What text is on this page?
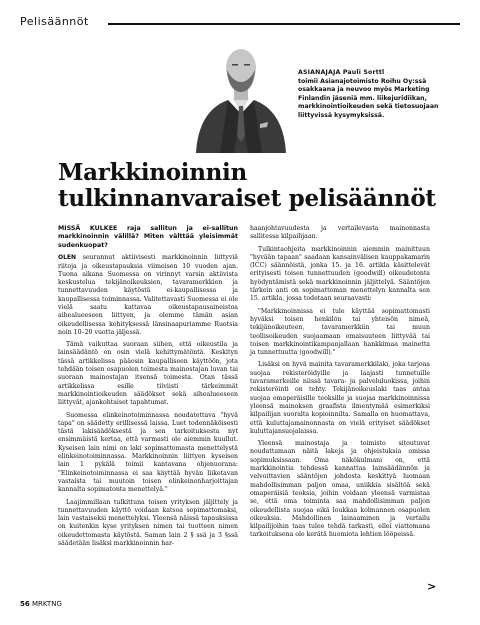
Pelisäännöt
ASIANAJAJA Pauli Sorttl
toimii Asianajotoimisto Roihu Oy:ssä osakkaana ja neuvoo myös Marketing Finlandin jäseniä mm. liikejuridiikan, markkinointioikeuden sekä tietosuojaan liittyvissä kysymyksissä.
Markkinoinnin tulkinnanvaraiset pelisäännöt

MISSÄ KULKEE raja sallitun ja ei-sallitun markkinoinnin välillä? Miten välttää yleisimmät sudenkuopat?

OLEN seurannut aktiivisesti markkinoinnin liittyviä riitoja ja oikeustapauksia viimeisen 10 vuoden ajan. Tuona aikana Suomessa on virinnyt varsin aktiivista keskustelua tekijänoikeuksien, tavaramerkkien ja tunnettavuuden käytöstä ei-kaupallisessa ja kaupallisessa toiminnassa. Valitettavasti Suomessa ei ole vielä saatu kattavaa oikeustapausaineistoa aihealueeseen liittyen, ja olemme tämän asian oikeudellisessa kehityksessä länsinaapuriamme Ruotsia noin 10–20 vuotta jäljessä.

Tämä vaikuttaa suoraan siihen, että oikeustila ja lainsäädäntö on osin vielä kehittymätöntä. Keskityn tässä artikkelissa pääosin kaupalliseen käyttöön, jota tehdään toisen osapuolen toimesta mainostajan luvan tai suoraan mainostajan itsensä toimesta. Otan tässä artikkelissa esille tiiviisti tärkeimmät markkinointioikeuden säädökset sekä aihealueeseen liittyvät, ajankohtaiset tapahtumat.

Suomessa elinkeinotoiminnassa noudatettava "hyvä tapa" on säädetty erillisessä laissa. Luet todennäköisesti tästä lakisäädöksestä ja sen tarkoituksesta nyt ensimmäistä kertaa, että varmasti ole aiemmin kuullut. Kyseisen lain nimi on laki sopimattomasta menettelystä elinkeinotoiminnassa. Markkinoinnin liittyen kyseisen lain 1 pykälä toimii kantavana ohjenuorana: "Elinkeinotoiminnassa ei saa käyttää hyvän liiketavan vastaista tai muutoin toisen elinkeinonharjoittajan kannalta sopimatonta menettelyä."

Laajimmillaan tulkittuna toisen yrityksen jäljittely ja tunnettavuuden käyttö voidaan katsoa sopimattomaksi, lain vastaiseksi menettelyksi. Yleensä näissä tapauksissa on kuitenkin kyse yrityksen nimen tai tuotteen nimen oikeudettomasta käytöstä. Saman lain 2 § ssä ja 3 §ssä säädetään lisäksi markkinoinnin har-

haanjohtavuudesta ja vertailevasta mainonnasta sallitessa kilpailijaan.

Tulkintaohjeita markkinoinnin aiemmin mainittuun "hyvään tapaan" saadaan kansainvälisen kauppakamarin (ICC) säännöistä, jonka 15. ja 16. artikla käsittelevät erityisesti toisen tunnettuuden (goodwill) oikeudetonta hyödyntämistä sekä markkinoinnin jäljittelyä. Sääntöjen tärkein anti on sopimattoman menettelyn kannalta sen 15. artikla, jossa todetaan seuraavasti:

"Markkinoinnissa ei tule käyttää sopimattomasti hyväksi toisen henkilön tai yhteisön nimeä, tekijänoikeuteen, tavaramerkkiin tai muun teollisoikeuden suojaamaan omaisuuteen liittyvää tai toisen markkinointikampanjallaan hankkimaa mainetta ja tunnettuutta (goodwill)."

Lisäksi on hyvä mainita tavaramerkkilaki, joka tarjoaa suojaa rekisteröidyille ja laajasti tunnetuille tavaramerkeille niissä tavara- ja palveluluokissa, joihin rekisteröinti on tehty. Tekijänoikeuslaki taas antaa suojaa omaperäisille teoksille ja suojaa markkinoinnissa yleensä mainoksen graafista ilmentymää esimerkiksi kilpailijan suoralta kopioinnilta. Samalla on huomattava, että kuluttajamainonnasta on vielä erityiset säädökset kuluttajansuojalaissa.

Yleensä mainostaja ja toimisto sitoutuvat noudattamaan näitä lakeja ja ohjeistuksia omissa sopimuksissaan. Oma näkökulmani on, että markkinointia tehdessä kannattaa lainsäädännön ja velvoittavien sääntöjen johdosta keskittyä luomaan mahdollisimman paljon omaa, uniikkia sisältöä sekä omaperäisiä teoksia, joihin voidaan yleensä varmistaa se, että oma toiminta saa mahdollisimman paljon oikeudellista suojaa eikä loukkaa kolmannen osapuolen oikeuksia. Mahdollinen lainaaminen ja vertailu kilpailijoihin taas tulee tehdä tarkasti, ellei viattomana tarkoituksena ole kerätä huomiota lehtien lööpeissä.

>
56 MRKTNG
